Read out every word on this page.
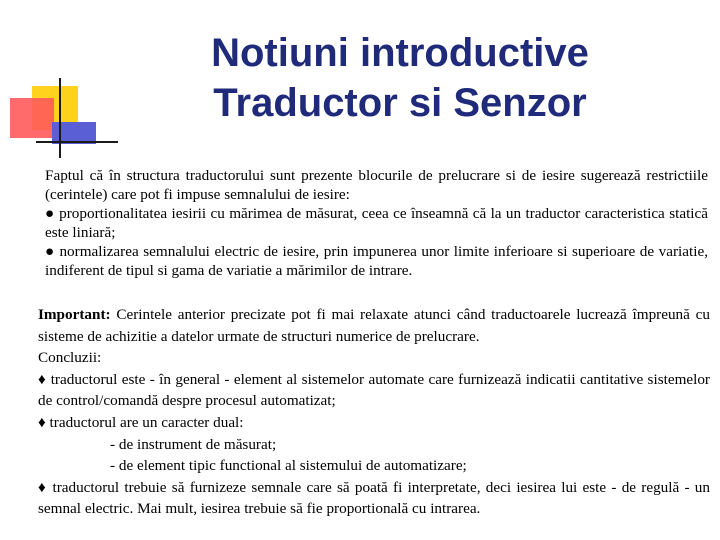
Notiuni introductive
Traductor si Senzor

Faptul că în structura traductorului sunt prezente blocurile de prelucrare si de iesire sugerează restrictiile (cerintele) care pot fi impuse semnalului de iesire:

● proportionalitatea iesirii cu mărimea de măsurat, ceea ce înseamnă că la un traductor caracteristica statică este liniară;

● normalizarea semnalului electric de iesire, prin impunerea unor limite inferioare si superioare de variatie, indiferent de tipul si gama de variatie a mărimilor de intrare.

Important: Cerintele anterior precizate pot fi mai relaxate atunci când traductoarele lucrează împreună cu sisteme de achizitie a datelor urmate de structuri numerice de prelucrare.

Concluzii:

♦ traductorul este - în general - element al sistemelor automate care furnizează indicatii cantitative sistemelor de control/comandă despre procesul automatizat;

♦ traductorul are un caracter dual:

- de instrument de măsurat;

- de element tipic functional al sistemului de automatizare;

♦ traductorul trebuie să furnizeze semnale care să poată fi interpretate, deci iesirea lui este - de regulă - un semnal electric. Mai mult, iesirea trebuie să fie proportională cu intrarea.
